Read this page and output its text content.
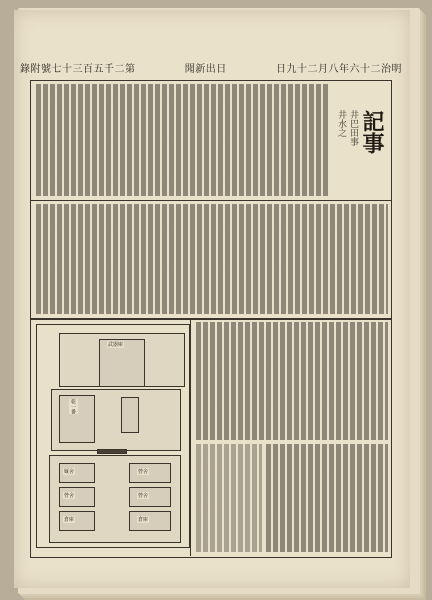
錄附號七十三百五千二第	聞新出日	日九十二月八年六十二治明
井水之 井巴田事 記事
武器庫
乾一番
厩舍	營舍
營舍	營舍
倉庫	倉庫
